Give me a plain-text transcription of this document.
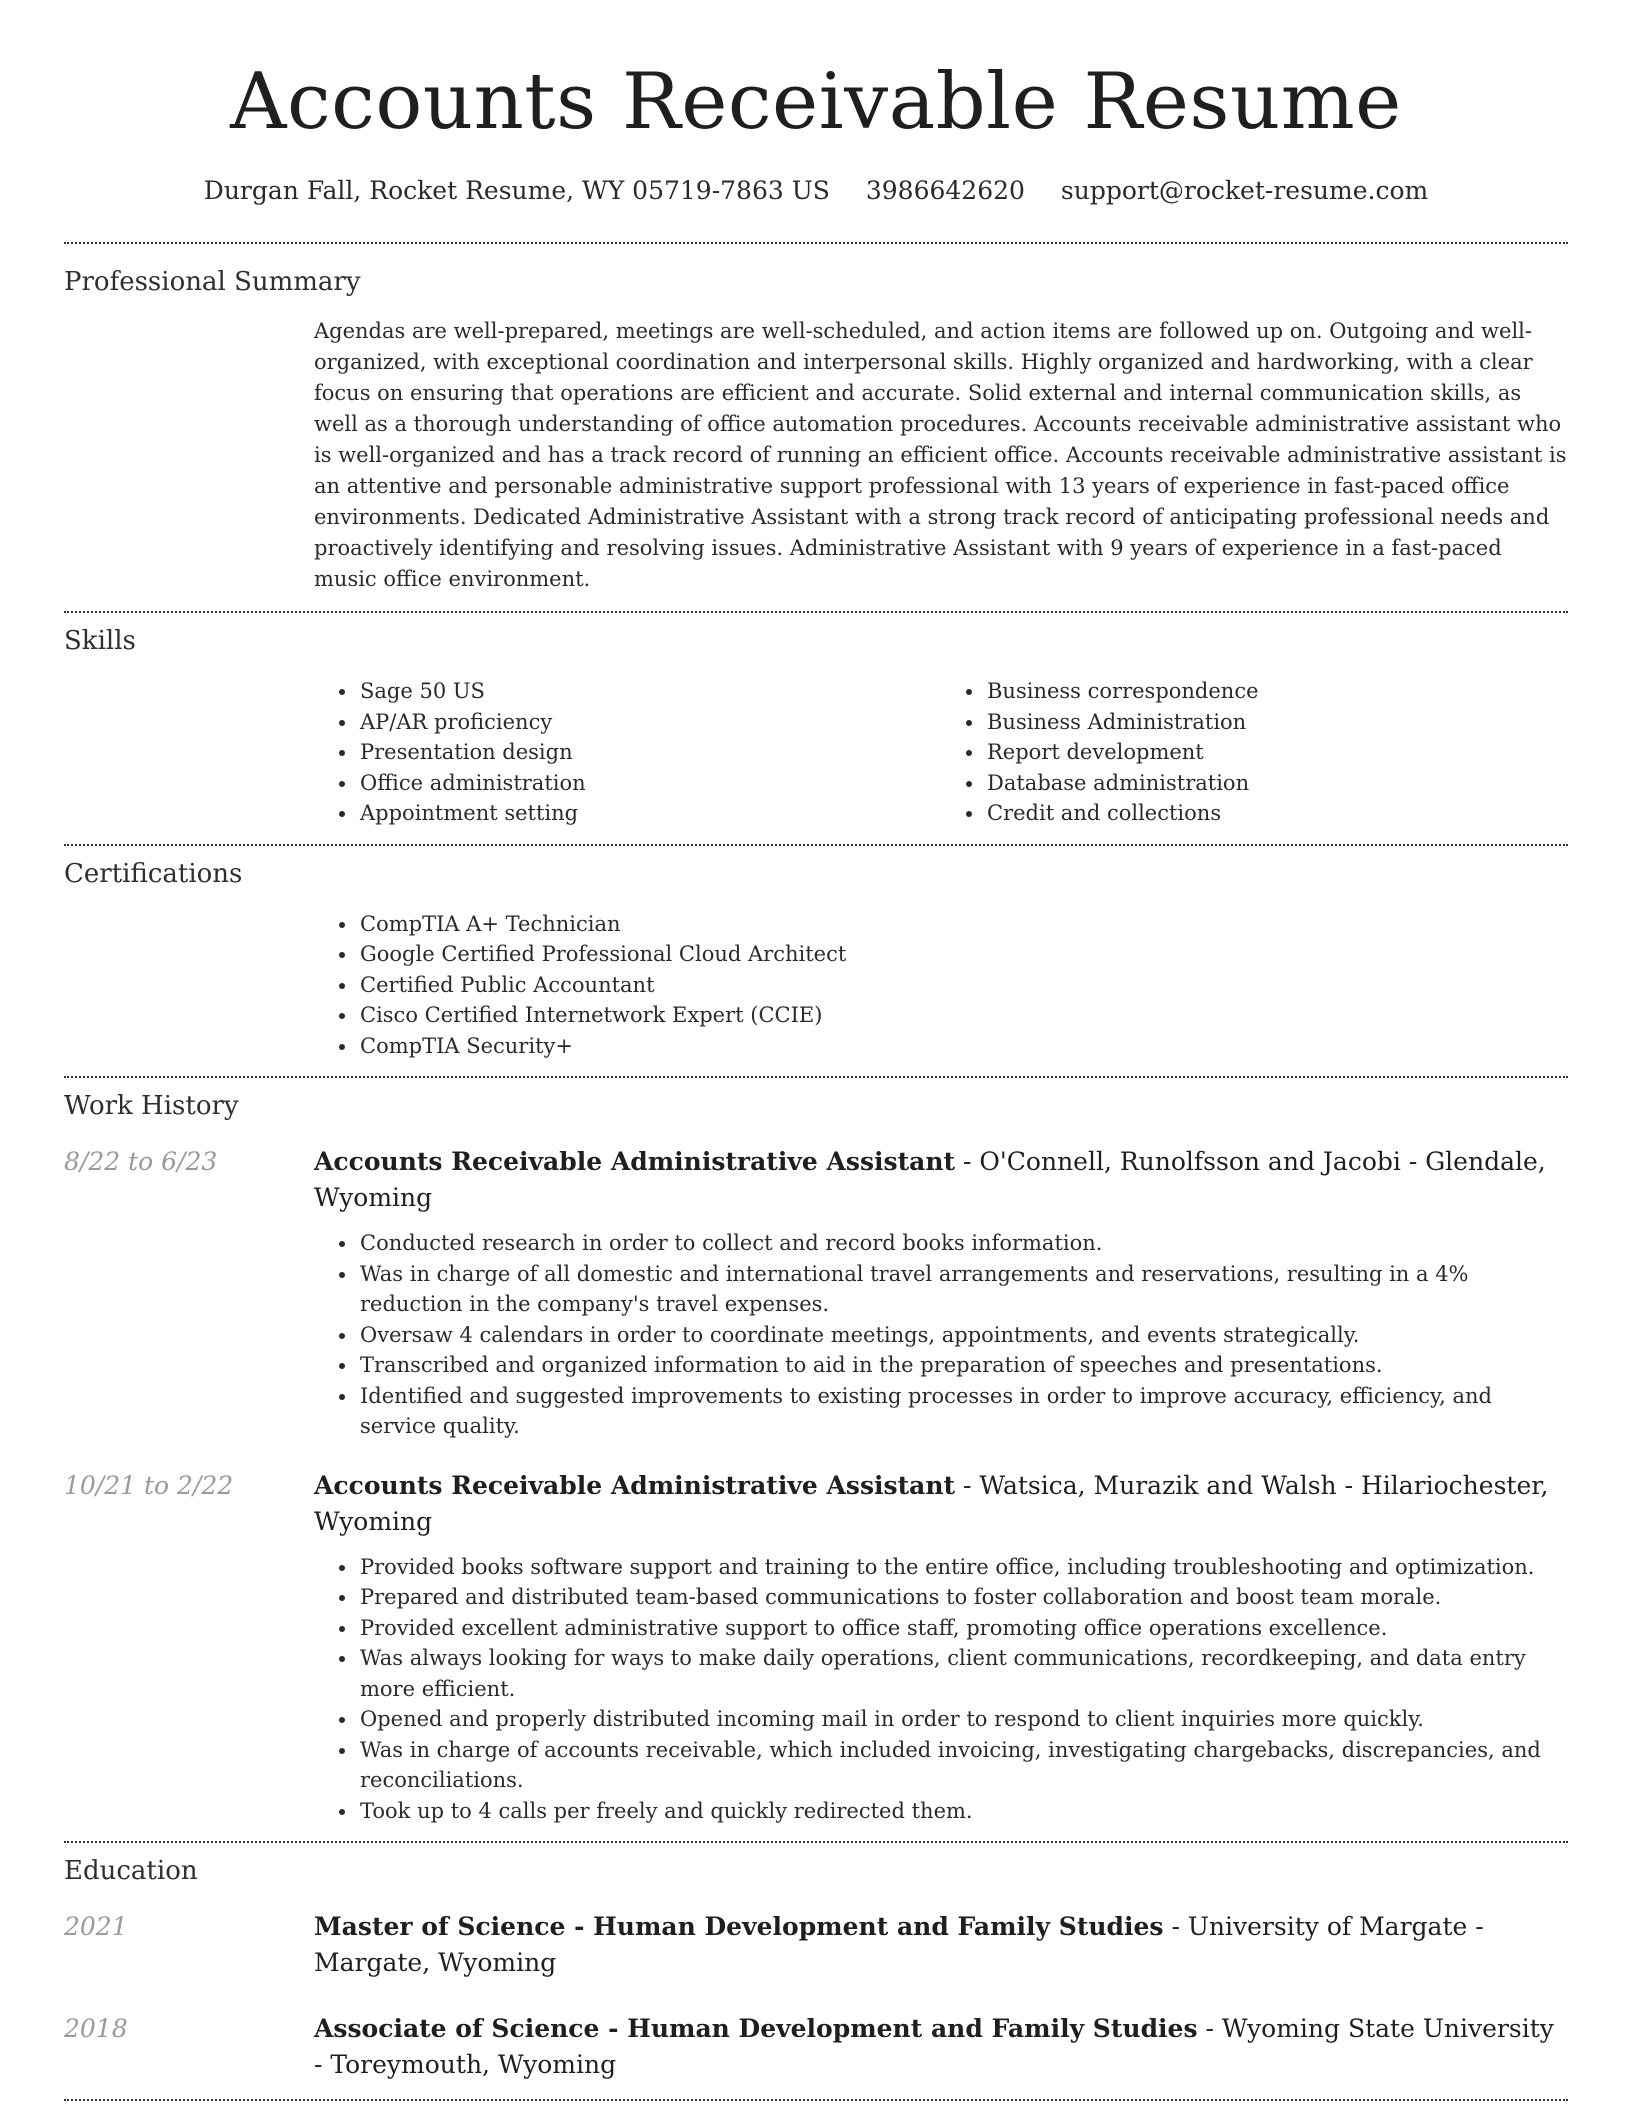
Accounts Receivable Resume
Durgan Fall, Rocket Resume, WY 05719-7863 US 3986642620 support@rocket-resume.com
Professional Summary

Agendas are well-prepared, meetings are well-scheduled, and action items are followed up on. Outgoing and well-organized, with exceptional coordination and interpersonal skills. Highly organized and hardworking, with a clear focus on ensuring that operations are efficient and accurate. Solid external and internal communication skills, as well as a thorough understanding of office automation procedures. Accounts receivable administrative assistant who is well-organized and has a track record of running an efficient office. Accounts receivable administrative assistant is an attentive and personable administrative support professional with 13 years of experience in fast-paced office environments. Dedicated Administrative Assistant with a strong track record of anticipating professional needs and proactively identifying and resolving issues. Administrative Assistant with 9 years of experience in a fast-paced music office environment.

Skills
• Sage 50 US
• AP/AR proficiency
• Presentation design
• Office administration
• Appointment setting
• Business correspondence
• Business Administration
• Report development
• Database administration
• Credit and collections
Certifications
• CompTIA A+ Technician
• Google Certified Professional Cloud Architect
• Certified Public Accountant
• Cisco Certified Internetwork Expert (CCIE)
• CompTIA Security+
Work History
8/22 to 6/23	Accounts Receivable Administrative Assistant - O'Connell, Runolfsson and Jacobi - Glendale, Wyoming
• Conducted research in order to collect and record books information.
• Was in charge of all domestic and international travel arrangements and reservations, resulting in a 4% reduction in the company's travel expenses.
• Oversaw 4 calendars in order to coordinate meetings, appointments, and events strategically.
• Transcribed and organized information to aid in the preparation of speeches and presentations.
• Identified and suggested improvements to existing processes in order to improve accuracy, efficiency, and service quality.
10/21 to 2/22	Accounts Receivable Administrative Assistant - Watsica, Murazik and Walsh - Hilariochester, Wyoming
• Provided books software support and training to the entire office, including troubleshooting and optimization.
• Prepared and distributed team-based communications to foster collaboration and boost team morale.
• Provided excellent administrative support to office staff, promoting office operations excellence.
• Was always looking for ways to make daily operations, client communications, recordkeeping, and data entry more efficient.
• Opened and properly distributed incoming mail in order to respond to client inquiries more quickly.
• Was in charge of accounts receivable, which included invoicing, investigating chargebacks, discrepancies, and reconciliations.
• Took up to 4 calls per freely and quickly redirected them.
Education
2021	Master of Science - Human Development and Family Studies - University of Margate - Margate, Wyoming
2018	Associate of Science - Human Development and Family Studies - Wyoming State University - Toreymouth, Wyoming
